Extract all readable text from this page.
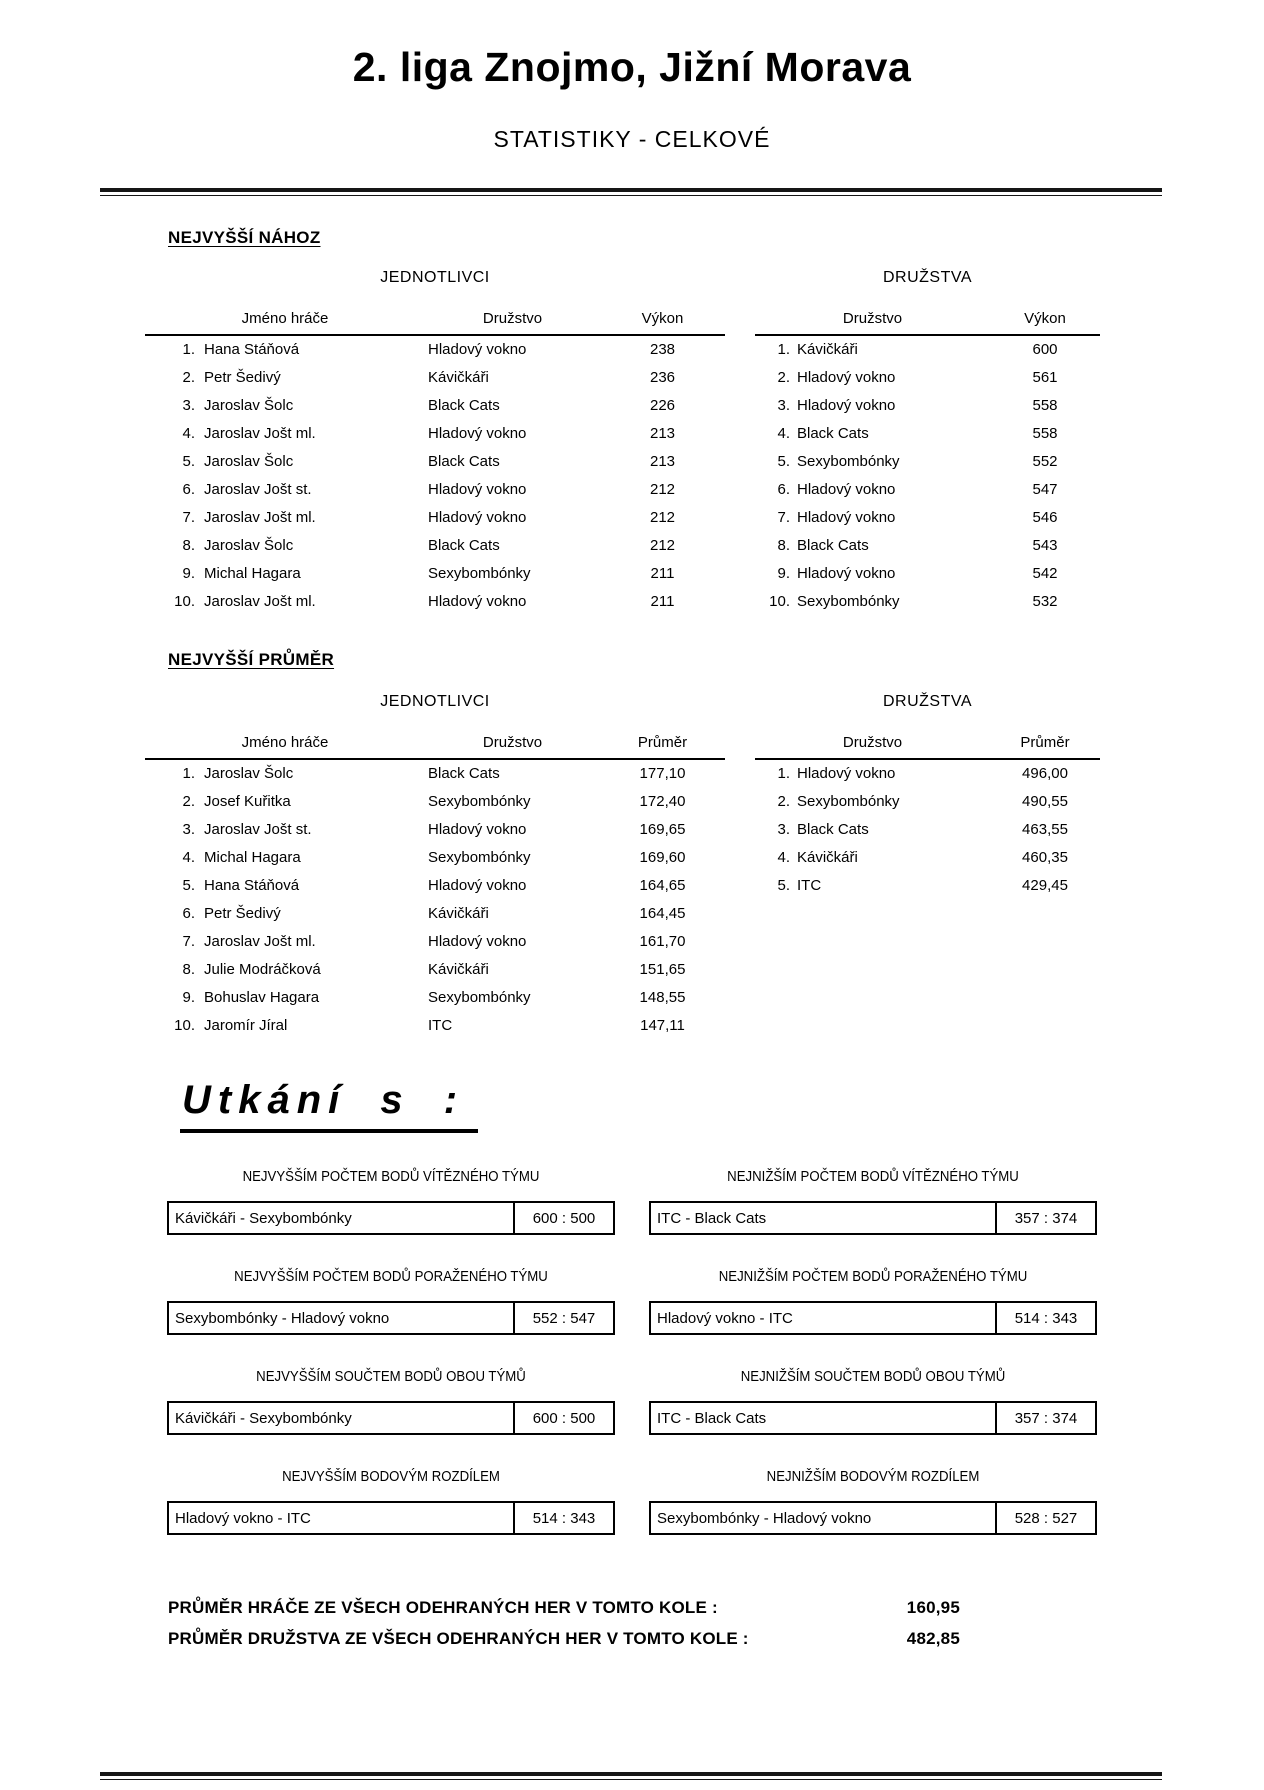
2. liga Znojmo, Jižní Morava
STATISTIKY - CELKOVÉ
NEJVYŠŠÍ NÁHOZ
JEDNOTLIVCI
Jméno hráče	Družstvo	Výkon
1. Hana Stáňová	Hladový vokno	238
2. Petr Šedivý	Kávičkáři	236
3. Jaroslav Šolc	Black Cats	226
4. Jaroslav Jošt ml.	Hladový vokno	213
5. Jaroslav Šolc	Black Cats	213
6. Jaroslav Jošt st.	Hladový vokno	212
7. Jaroslav Jošt ml.	Hladový vokno	212
8. Jaroslav Šolc	Black Cats	212
9. Michal Hagara	Sexybombónky	211
10. Jaroslav Jošt ml.	Hladový vokno	211
DRUŽSTVA
Družstvo	Výkon
1. Kávičkáři	600
2. Hladový vokno	561
3. Hladový vokno	558
4. Black Cats	558
5. Sexybombónky	552
6. Hladový vokno	547
7. Hladový vokno	546
8. Black Cats	543
9. Hladový vokno	542
10. Sexybombónky	532
NEJVYŠŠÍ PRŮMĚR
JEDNOTLIVCI
Jméno hráče	Družstvo	Průměr
1. Jaroslav Šolc	Black Cats	177,10
2. Josef Kuřitka	Sexybombónky	172,40
3. Jaroslav Jošt st.	Hladový vokno	169,65
4. Michal Hagara	Sexybombónky	169,60
5. Hana Stáňová	Hladový vokno	164,65
6. Petr Šedivý	Kávičkáři	164,45
7. Jaroslav Jošt ml.	Hladový vokno	161,70
8. Julie Modráčková	Kávičkáři	151,65
9. Bohuslav Hagara	Sexybombónky	148,55
10. Jaromír Jíral	ITC	147,11
DRUŽSTVA
Družstvo	Průměr
1. Hladový vokno	496,00
2. Sexybombónky	490,55
3. Black Cats	463,55
4. Kávičkáři	460,35
5. ITC	429,45
Utkání s :
NEJVYŠŠÍM POČTEM BODŮ VÍTĚZNÉHO TÝMU
Kávičkáři - Sexybombónky	600 : 500
NEJNIŽŠÍM POČTEM BODŮ VÍTĚZNÉHO TÝMU
ITC - Black Cats	357 : 374
NEJVYŠŠÍM POČTEM BODŮ PORAŽENÉHO TÝMU
Sexybombónky - Hladový vokno	552 : 547
NEJNIŽŠÍM POČTEM BODŮ PORAŽENÉHO TÝMU
Hladový vokno - ITC	514 : 343
NEJVYŠŠÍM SOUČTEM BODŮ OBOU TÝMŮ
Kávičkáři - Sexybombónky	600 : 500
NEJNIŽŠÍM SOUČTEM BODŮ OBOU TÝMŮ
ITC - Black Cats	357 : 374
NEJVYŠŠÍM BODOVÝM ROZDÍLEM
Hladový vokno - ITC	514 : 343
NEJNIŽŠÍM BODOVÝM ROZDÍLEM
Sexybombónky - Hladový vokno	528 : 527
PRŮMĚR HRÁČE ZE VŠECH ODEHRANÝCH HER V TOMTO KOLE :	160,95
PRŮMĚR DRUŽSTVA ZE VŠECH ODEHRANÝCH HER V TOMTO KOLE :	482,85
